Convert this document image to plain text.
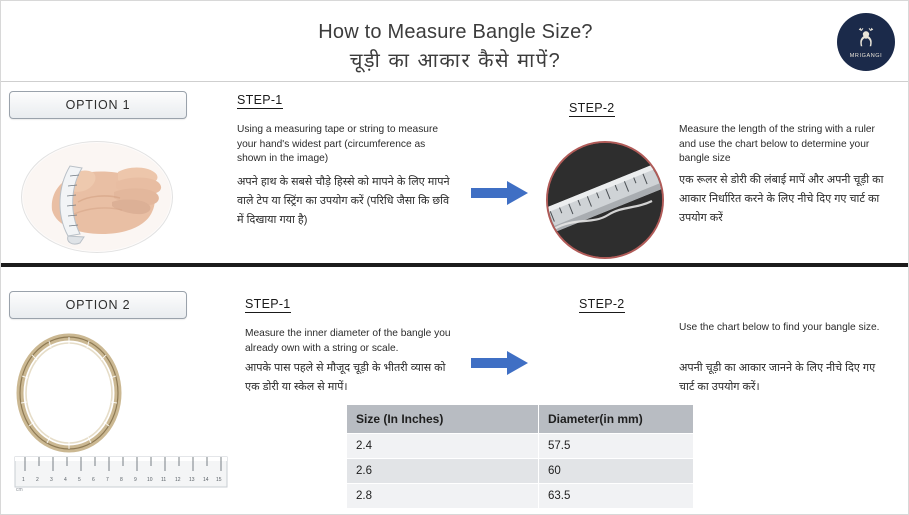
How to Measure Bangle Size?
चूड़ी का आकार कैसे मापें?	MRIGANGI
OPTION 1	STEP-1
Using a measuring tape or string to measure your hand's widest part (circumference as shown in the image)
अपने हाथ के सबसे चौड़े हिस्से को मापने के लिए मापने वाले टेप या स्ट्रिंग का उपयोग करें (परिधि जैसा कि छवि में दिखाया गया है)
STEP-2
Measure the length of the string with a ruler and use the chart below to determine your bangle size
एक रूलर से डोरी की लंबाई मापें और अपनी चूड़ी का आकार निर्धारित करने के लिए नीचे दिए गए चार्ट का उपयोग करें
OPTION 2
1 2 3 4 5 6 7 8 9 10 11 12 13 14 15
cm
STEP-1
Measure the inner diameter of the bangle you already own with a string or scale.
आपके पास पहले से मौजूद चूड़ी के भीतरी व्यास को एक डोरी या स्केल से मापें।
STEP-2
Use the chart below to find your bangle size.
अपनी चूड़ी का आकार जानने के लिए नीचे दिए गए चार्ट का उपयोग करें।
Size (In Inches)	Diameter(in mm)
2.4	57.5
2.6	60
2.8	63.5
